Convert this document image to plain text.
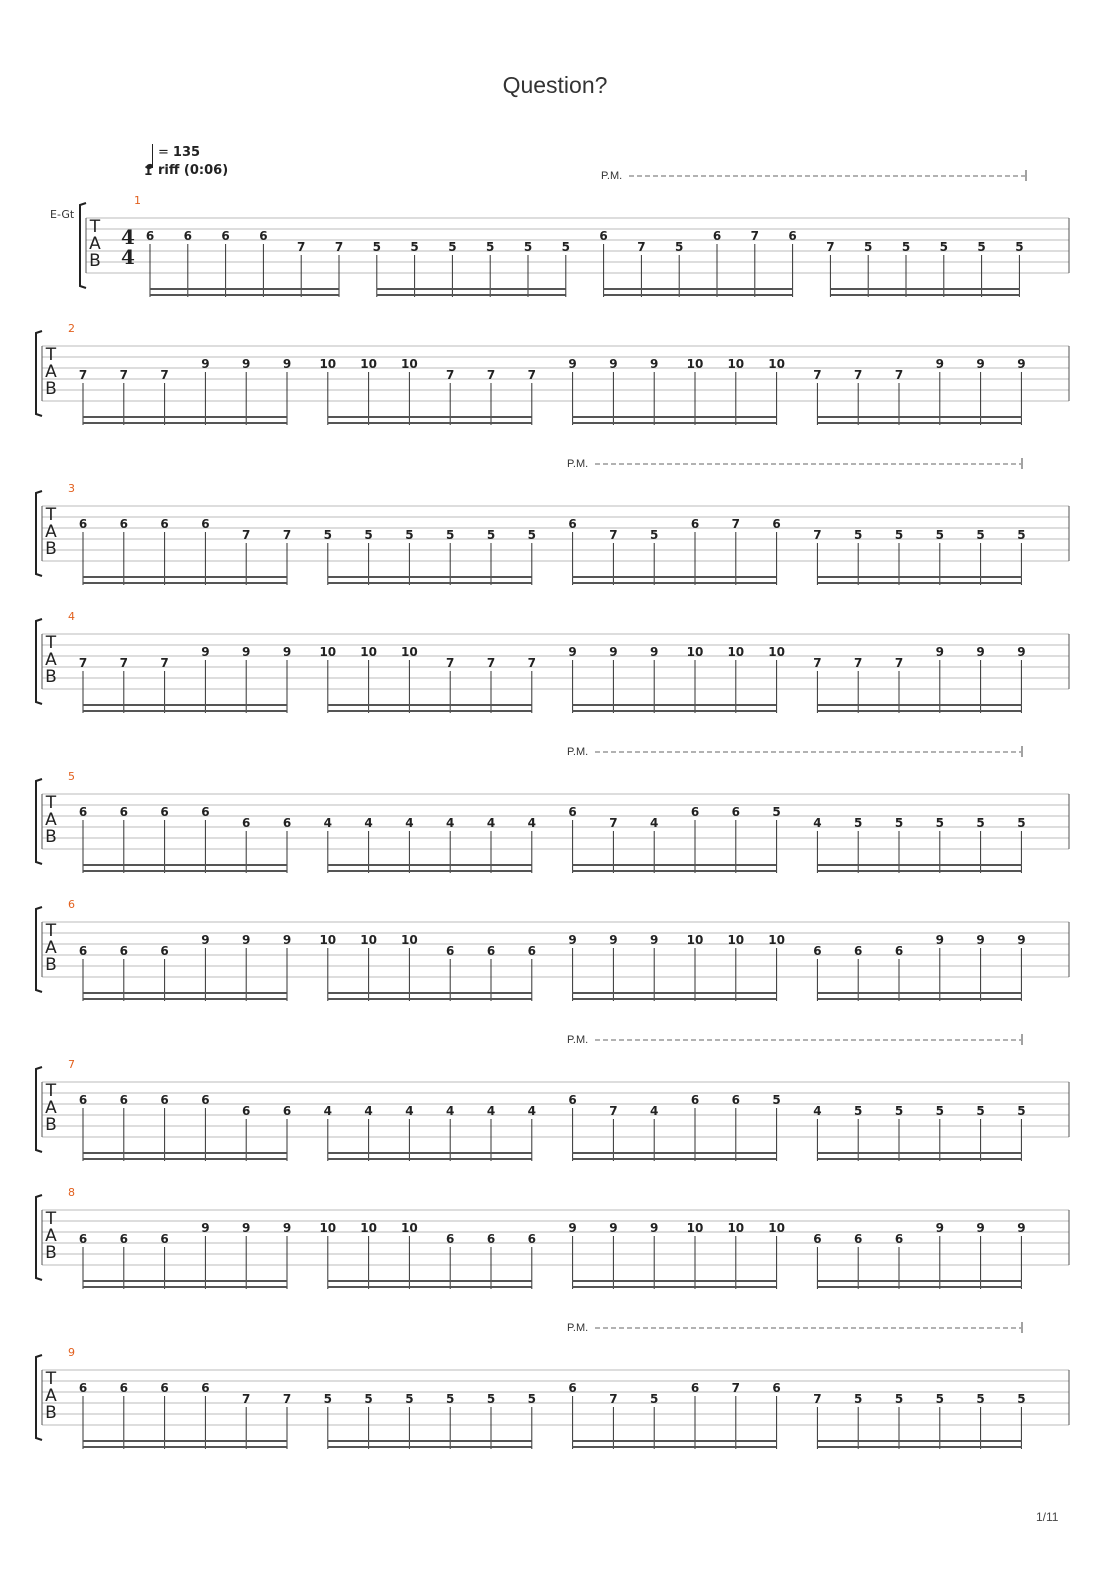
Question?
= 135
1 riff (0:06)
E-Gt
T
A
B
4
4
1
P.M.
6 6 6 6
7 7 5 5 5 5 5 5
6
7 5
6 7 6
7 5 5 5 5 5
T
A
B
2
7	7	7
9	9	9 10 10 10
7	7	7
9	9	9 10 10 10
7	7	7
9	9	9
T
A
B
3
P.M.
6	6	6	6
7	7	5	5	5	5	5	5
6
7	5
6	7	6
7	5	5	5	5	5
T
A
B
4
7	7	7
9	9	9 10 10 10
7	7	7
9	9	9 10 10 10
7	7	7
9	9	9
T
A
B
5
P.M.
6	6	6	6
6	6	4	4	4	4	4	4
6
7	4
6	6	5
4	5	5	5	5	5
T
A
B
6
6	6	6
9	9	9 10 10 10
6	6	6
9	9	9 10 10 10
6	6	6
9	9	9
T
A
B
7
P.M.
6	6	6	6
6	6	4	4	4	4	4	4
6
7	4
6	6	5
4	5	5	5	5	5
T
A
B
8
6	6	6
9	9	9 10 10 10
6	6	6
9	9	9 10 10 10
6	6	6
9	9	9
T
A
B
9
P.M.
6	6	6	6
7	7	5	5	5	5	5	5
6
7	5
6	7	6
7	5	5	5	5	5
1/11
